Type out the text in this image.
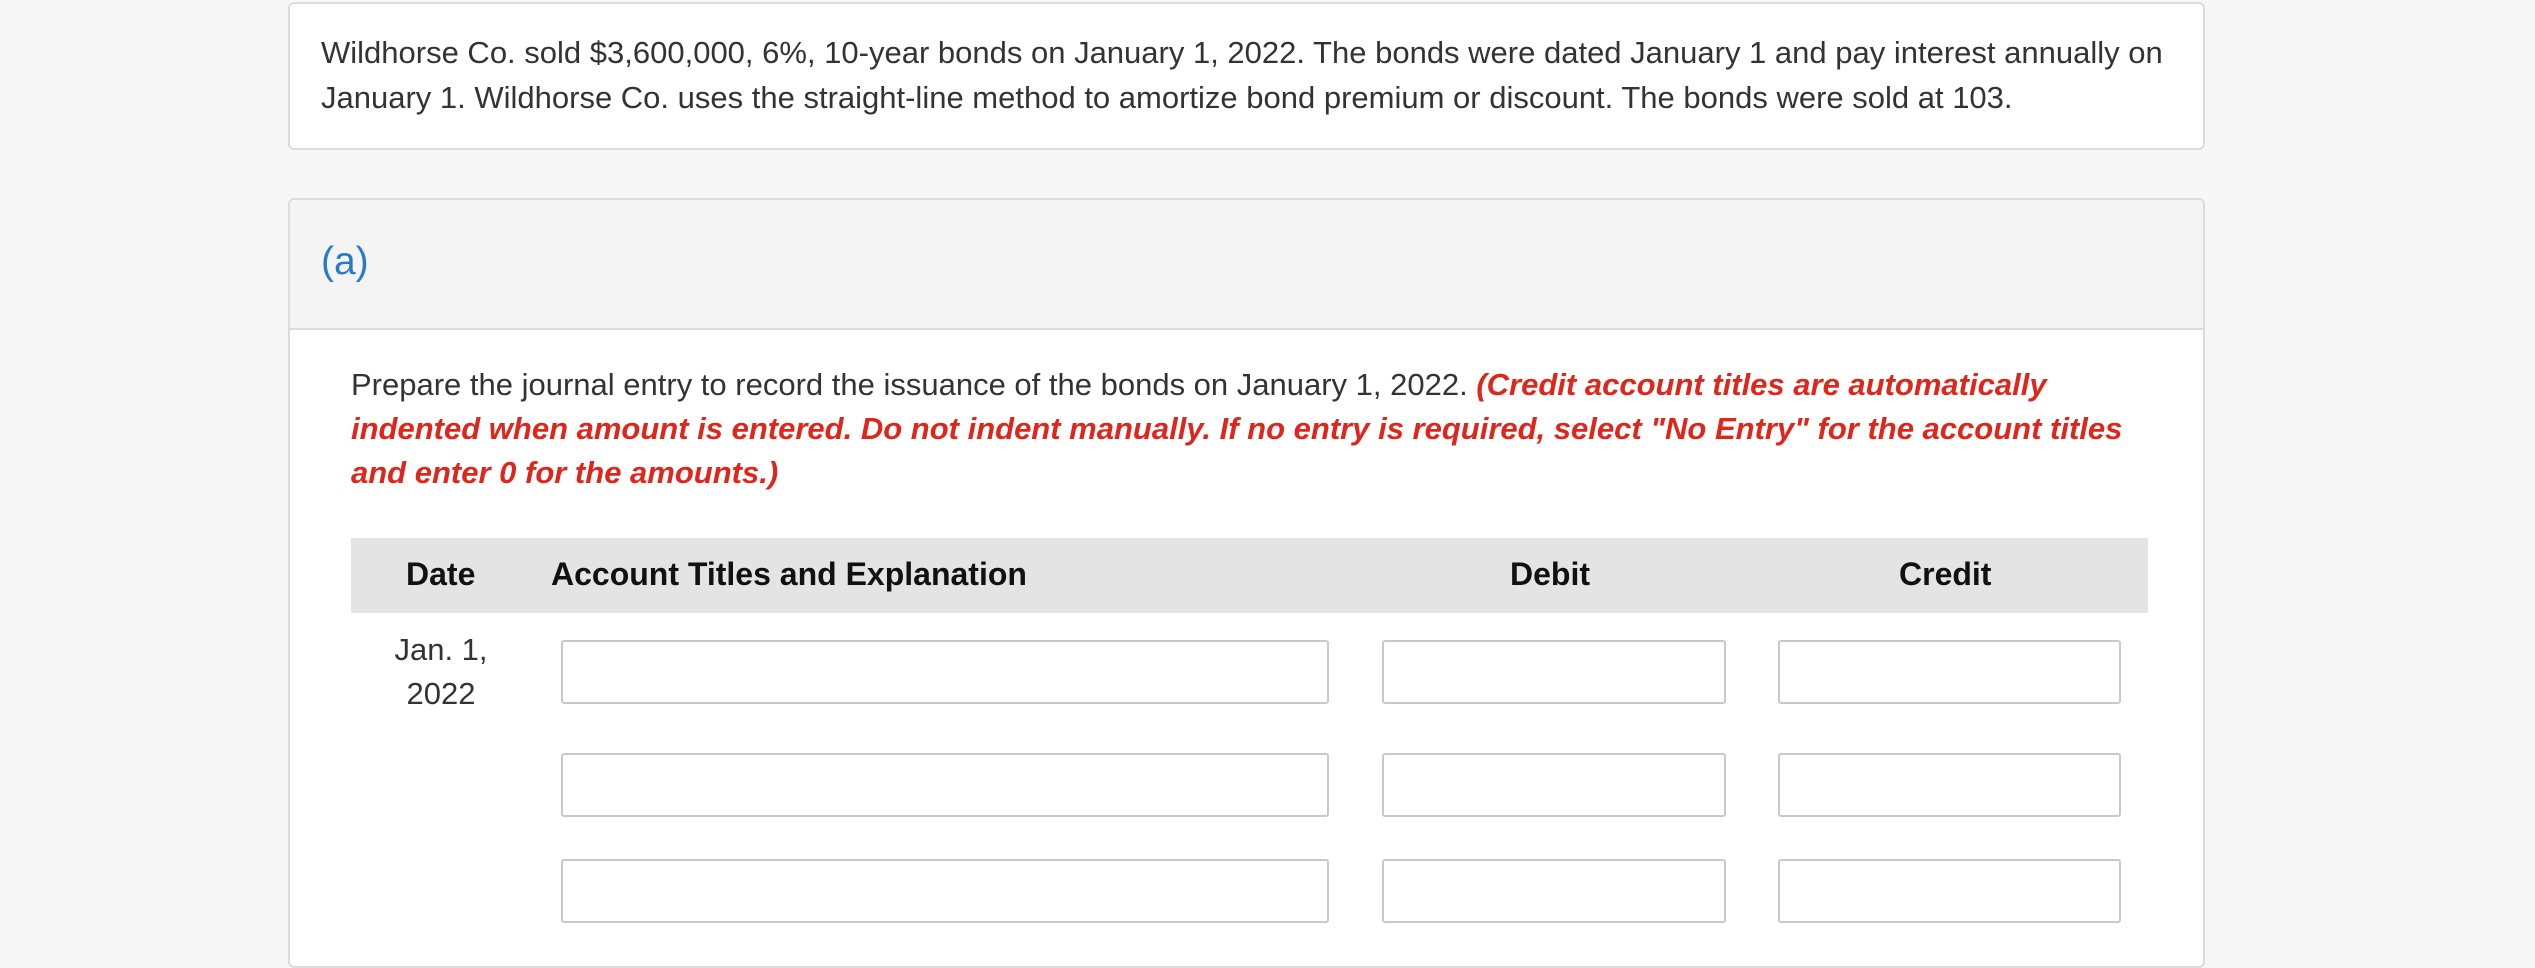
Wildhorse Co. sold $3,600,000, 6%, 10-year bonds on January 1, 2022. The bonds were dated January 1 and pay interest annually on January 1. Wildhorse Co. uses the straight-line method to amortize bond premium or discount. The bonds were sold at 103.

(a)

Prepare the journal entry to record the issuance of the bonds on January 1, 2022. (Credit account titles are automatically indented when amount is entered. Do not indent manually. If no entry is required, select "No Entry" for the account titles and enter 0 for the amounts.)

Date Account Titles and Explanation	Debit	Credit
Jan. 1,
2022
